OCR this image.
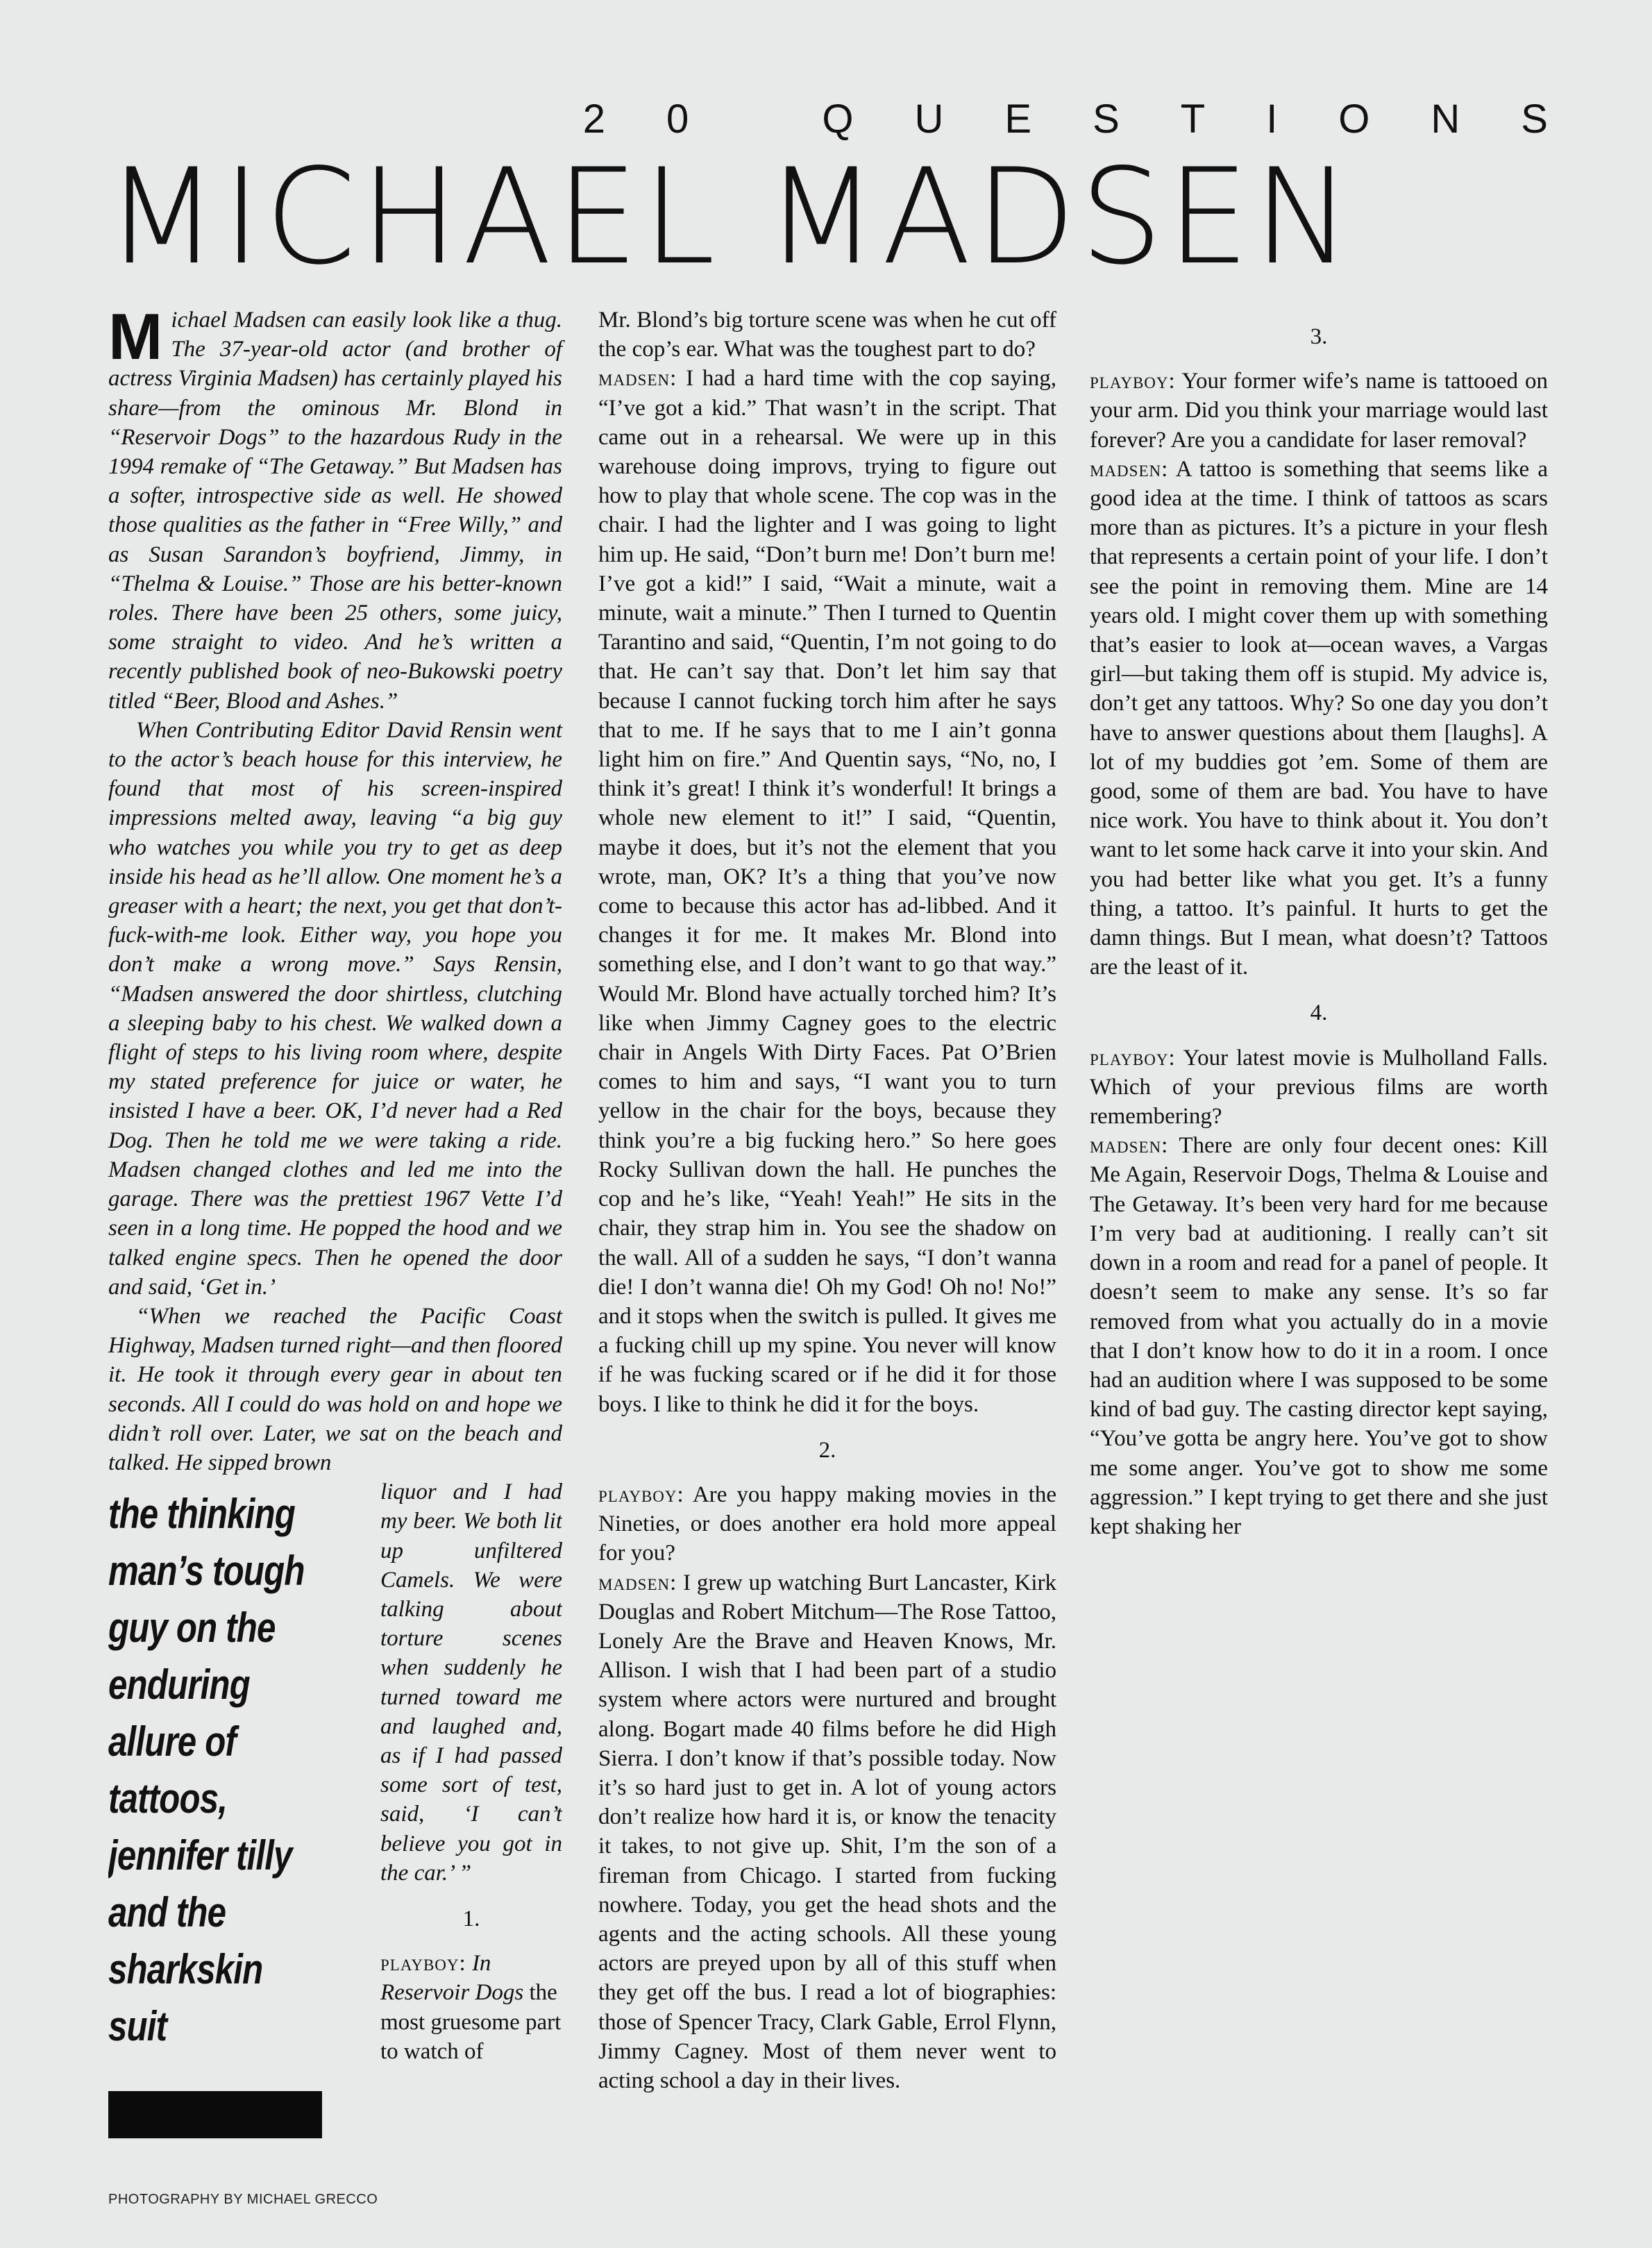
20 QUESTIONS
MICHAEL MADSEN

Michael Madsen can easily look like a thug. The 37-year-old actor (and brother of actress Virginia Madsen) has certainly played his share—from the ominous Mr. Blond in “Reservoir Dogs” to the hazardous Rudy in the 1994 remake of “The Getaway.” But Madsen has a softer, introspective side as well. He showed those qualities as the father in “Free Willy,” and as Susan Sarandon’s boyfriend, Jimmy, in “Thelma & Louise.” Those are his better-known roles. There have been 25 others, some juicy, some straight to video. And he’s written a recently published book of neo-Bukowski poetry titled “Beer, Blood and Ashes.”

When Contributing Editor David Rensin went to the actor’s beach house for this interview, he found that most of his screen-inspired impressions melted away, leaving “a big guy who watches you while you try to get as deep inside his head as he’ll allow. One moment he’s a greaser with a heart; the next, you get that don’t-fuck-with-me look. Either way, you hope you don’t make a wrong move.” Says Rensin, “Madsen answered the door shirtless, clutching a sleeping baby to his chest. We walked down a flight of steps to his living room where, despite my stated preference for juice or water, he insisted I have a beer. OK, I’d never had a Red Dog. Then he told me we were taking a ride. Madsen changed clothes and led me into the garage. There was the prettiest 1967 Vette I’d seen in a long time. He popped the hood and we talked engine specs. Then he opened the door and said, ‘Get in.’

“When we reached the Pacific Coast Highway, Madsen turned right—and then floored it. He took it through every gear in about ten seconds. All I could do was hold on and hope we didn’t roll over. Later, we sat on the beach and talked. He sipped brown

the thinking man’s tough guy on the enduring allure of tattoos, jennifer tilly and the sharkskin suit

liquor and I had my beer. We both lit up unfiltered Camels. We were talking about torture scenes when suddenly he turned toward me and laughed and, as if I had passed some sort of test, said, ‘I can’t believe you got in the car.’ ”

1.

playboy: In Reservoir Dogs the most gruesome part to watch of

Mr. Blond’s big torture scene was when he cut off the cop’s ear. What was the toughest part to do?

madsen: I had a hard time with the cop saying, “I’ve got a kid.” That wasn’t in the script. That came out in a rehearsal. We were up in this warehouse doing improvs, trying to figure out how to play that whole scene. The cop was in the chair. I had the lighter and I was going to light him up. He said, “Don’t burn me! Don’t burn me! I’ve got a kid!” I said, “Wait a minute, wait a minute, wait a minute.” Then I turned to Quentin Tarantino and said, “Quentin, I’m not going to do that. He can’t say that. Don’t let him say that because I cannot fucking torch him after he says that to me. If he says that to me I ain’t gonna light him on fire.” And Quentin says, “No, no, I think it’s great! I think it’s wonderful! It brings a whole new element to it!” I said, “Quentin, maybe it does, but it’s not the element that you wrote, man, OK? It’s a thing that you’ve now come to because this actor has ad-libbed. And it changes it for me. It makes Mr. Blond into something else, and I don’t want to go that way.” Would Mr. Blond have actually torched him? It’s like when Jimmy Cagney goes to the electric chair in Angels With Dirty Faces. Pat O’Brien comes to him and says, “I want you to turn yellow in the chair for the boys, because they think you’re a big fucking hero.” So here goes Rocky Sullivan down the hall. He punches the cop and he’s like, “Yeah! Yeah!” He sits in the chair, they strap him in. You see the shadow on the wall. All of a sudden he says, “I don’t wanna die! I don’t wanna die! Oh my God! Oh no! No!” and it stops when the switch is pulled. It gives me a fucking chill up my spine. You never will know if he was fucking scared or if he did it for those boys. I like to think he did it for the boys.

2.

playboy: Are you happy making movies in the Nineties, or does another era hold more appeal for you?

madsen: I grew up watching Burt Lancaster, Kirk Douglas and Robert Mitchum—The Rose Tattoo, Lonely Are the Brave and Heaven Knows, Mr. Allison. I wish that I had been part of a studio system where actors were nurtured and brought along. Bogart made 40 films before he did High Sierra. I don’t know if that’s possible today. Now it’s so hard just to get in. A lot of young actors don’t realize how hard it is, or know the tenacity it takes, to not give up. Shit, I’m the son of a fireman from Chicago. I started from fucking nowhere. Today, you get the head shots and the agents and the acting schools. All these young actors are preyed upon by all of this stuff when they get off the bus. I read a lot of biographies: those of Spencer Tracy, Clark Gable, Errol Flynn, Jimmy Cagney. Most of them never went to acting school a day in their lives.

3.

playboy: Your former wife’s name is tattooed on your arm. Did you think your marriage would last forever? Are you a candidate for laser removal?

madsen: A tattoo is something that seems like a good idea at the time. I think of tattoos as scars more than as pictures. It’s a picture in your flesh that represents a certain point of your life. I don’t see the point in removing them. Mine are 14 years old. I might cover them up with something that’s easier to look at—ocean waves, a Vargas girl—but taking them off is stupid. My advice is, don’t get any tattoos. Why? So one day you don’t have to answer questions about them [laughs]. A lot of my buddies got ’em. Some of them are good, some of them are bad. You have to have nice work. You have to think about it. You don’t want to let some hack carve it into your skin. And you had better like what you get. It’s a funny thing, a tattoo. It’s painful. It hurts to get the damn things. But I mean, what doesn’t? Tattoos are the least of it.

4.

playboy: Your latest movie is Mulholland Falls. Which of your previous films are worth remembering?

madsen: There are only four decent ones: Kill Me Again, Reservoir Dogs, Thelma & Louise and The Getaway. It’s been very hard for me because I’m very bad at auditioning. I really can’t sit down in a room and read for a panel of people. It doesn’t seem to make any sense. It’s so far removed from what you actually do in a movie that I don’t know how to do it in a room. I once had an audition where I was supposed to be some kind of bad guy. The casting director kept saying, “You’ve gotta be angry here. You’ve got to show me some anger. You’ve got to show me some aggression.” I kept trying to get there and she just kept shaking her

PHOTOGRAPHY BY MICHAEL GRECCO
